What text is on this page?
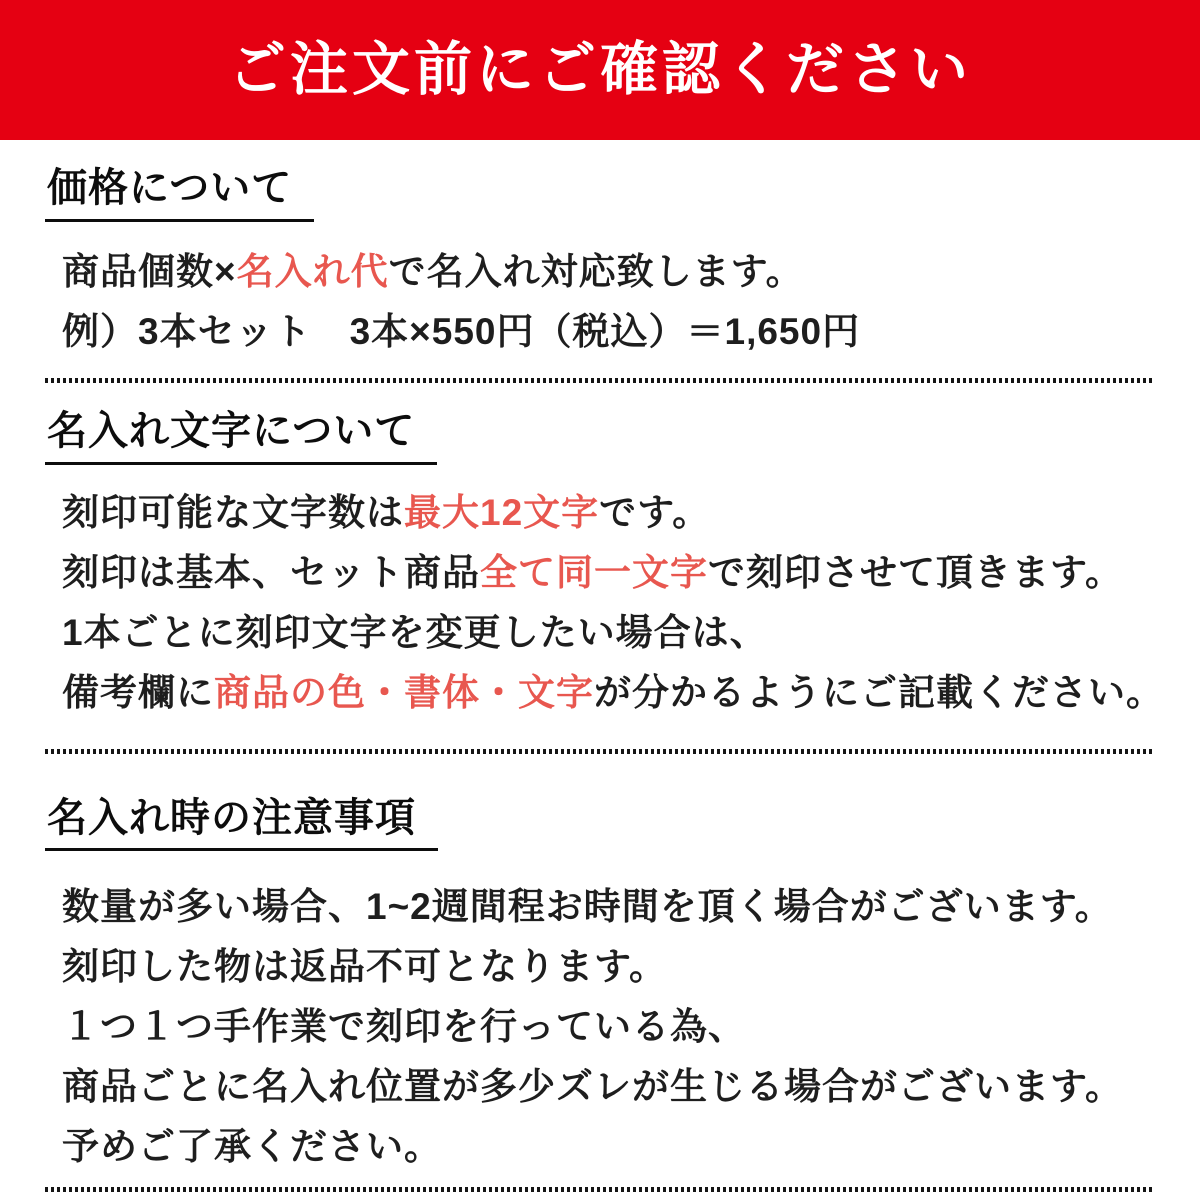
ご注文前にご確認ください
価格について

商品個数×名入れ代で名入れ対応致します。

例）3本セット　3本×550円（税込）＝1,650円

名入れ文字について

刻印可能な文字数は最大12文字です。

刻印は基本、セット商品全て同一文字で刻印させて頂きます。

1本ごとに刻印文字を変更したい場合は、

備考欄に商品の色・書体・文字が分かるようにご記載ください。

名入れ時の注意事項

数量が多い場合、1~2週間程お時間を頂く場合がございます。

刻印した物は返品不可となります。

１つ１つ手作業で刻印を行っている為、

商品ごとに名入れ位置が多少ズレが生じる場合がございます。

予めご了承ください。
